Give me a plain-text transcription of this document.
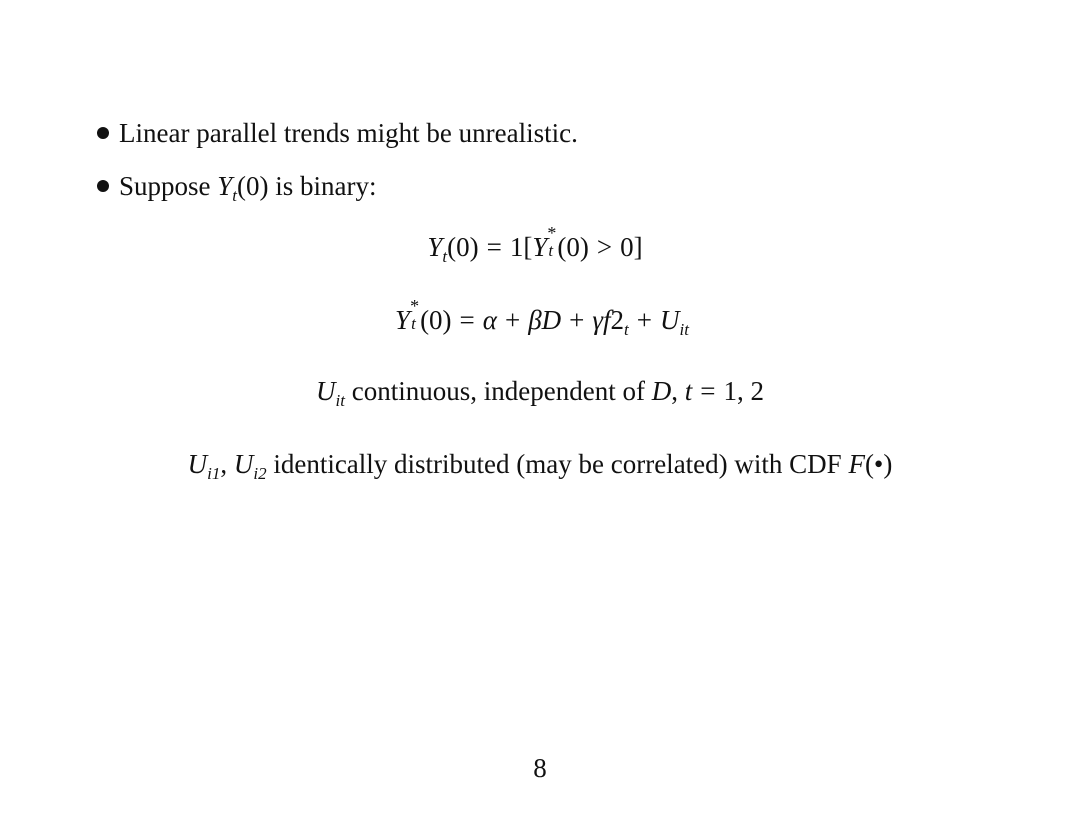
Linear parallel trends might be unrealistic.
Suppose $Y_t(0)$ is binary:
$Y_t(0) = 1[Y$ *
t (0) > 0]
Y *
t $(0) = \alpha + \beta D + \gamma f2_t + U_{it}$
$U_{it}$ continuous, independent of D, t = 1, 2
$U_{i1}$, $U_{i2}$ identically distributed (may be correlated) with CDF F(•)
8
